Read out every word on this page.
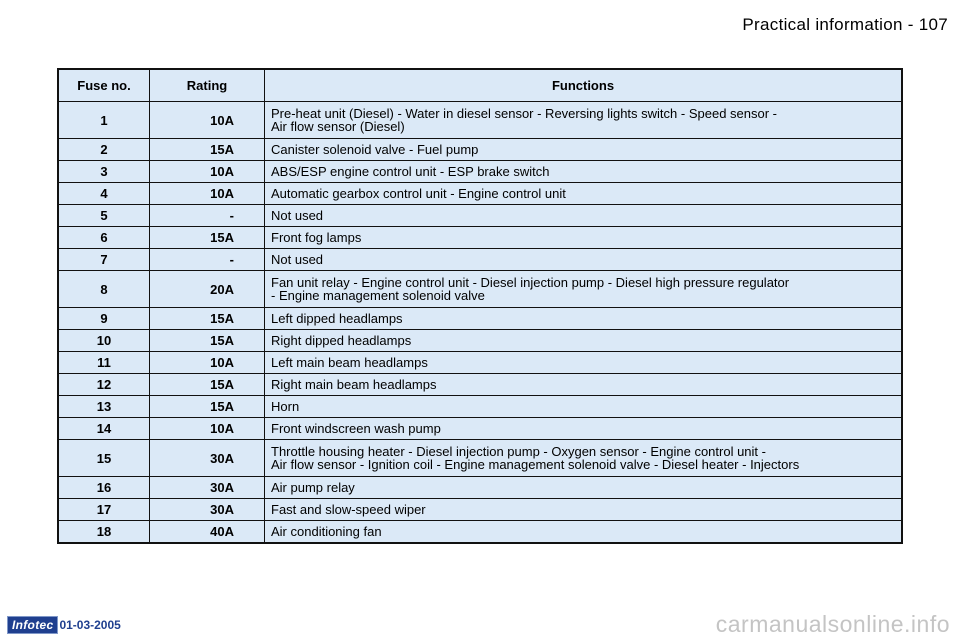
Practical information - 107
Fuse no.	Rating	Functions
1	10A	Pre-heat unit (Diesel) - Water in diesel sensor - Reversing lights switch - Speed sensor -
Air flow sensor (Diesel)

2	15A	Canister solenoid valve - Fuel pump

3	10A	ABS/ESP engine control unit - ESP brake switch

4	10A	Automatic gearbox control unit - Engine control unit

5	-	Not used

6	15A	Front fog lamps

7	-	Not used

8	20A	Fan unit relay - Engine control unit - Diesel injection pump - Diesel high pressure regulator
- Engine management solenoid valve

9	15A	Left dipped headlamps

10	15A	Right dipped headlamps

11	10A	Left main beam headlamps

12	15A	Right main beam headlamps

13	15A	Horn

14	10A	Front windscreen wash pump

15	30A	Throttle housing heater - Diesel injection pump - Oxygen sensor - Engine control unit -
Air flow sensor - Ignition coil - Engine management solenoid valve - Diesel heater - Injectors

16	30A	Air pump relay

17	30A	Fast and slow-speed wiper

18	40A	Air conditioning fan
Infotec 01-03-2005	carmanualsonline.info
